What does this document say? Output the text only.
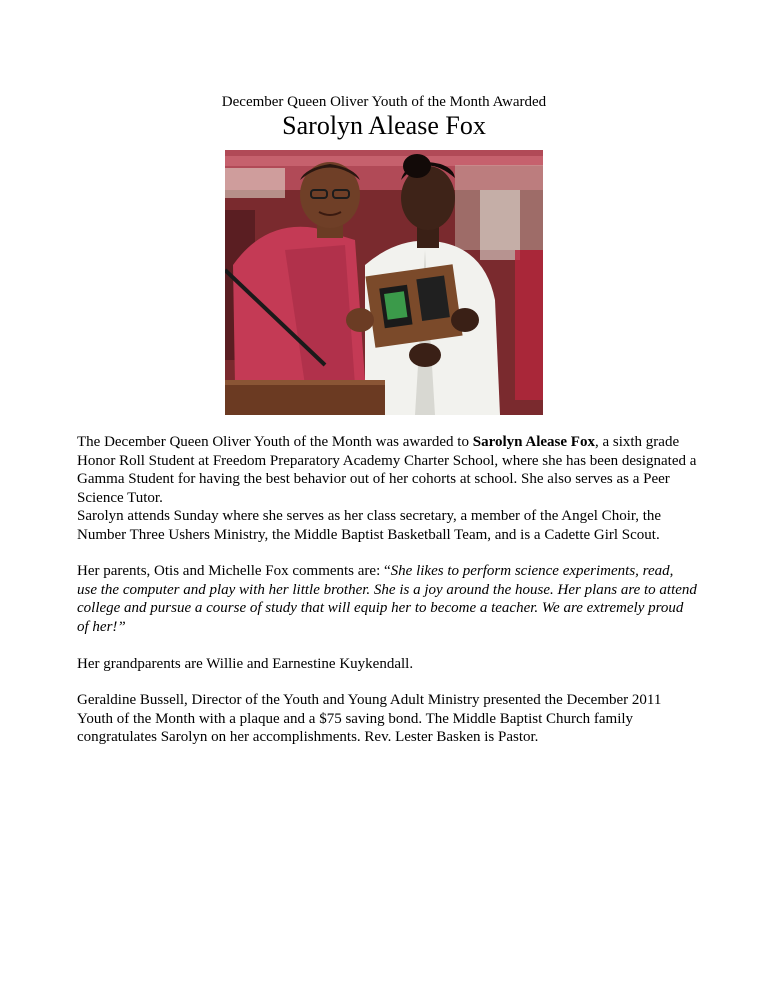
December Queen Oliver Youth of the Month Awarded
Sarolyn Alease Fox
The December Queen Oliver Youth of the Month was awarded to Sarolyn Alease Fox, a sixth grade Honor Roll Student at Freedom Preparatory Academy Charter School, where she has been designated a Gamma Student for having the best behavior out of her cohorts at school. She also serves as a Peer Science Tutor.
Sarolyn attends Sunday where she serves as her class secretary, a member of the Angel Choir, the Number Three Ushers Ministry, the Middle Baptist Basketball Team, and is a Cadette Girl Scout.
Her parents, Otis and Michelle Fox comments are: “She likes to perform science experiments, read, use the computer and play with her little brother. She is a joy around the house. Her plans are to attend college and pursue a course of study that will equip her to become a teacher. We are extremely proud of her!”
Her grandparents are Willie and Earnestine Kuykendall.
Geraldine Bussell, Director of the Youth and Young Adult Ministry presented the December 2011 Youth of the Month with a plaque and a $75 saving bond. The Middle Baptist Church family congratulates Sarolyn on her accomplishments. Rev. Lester Basken is Pastor.
